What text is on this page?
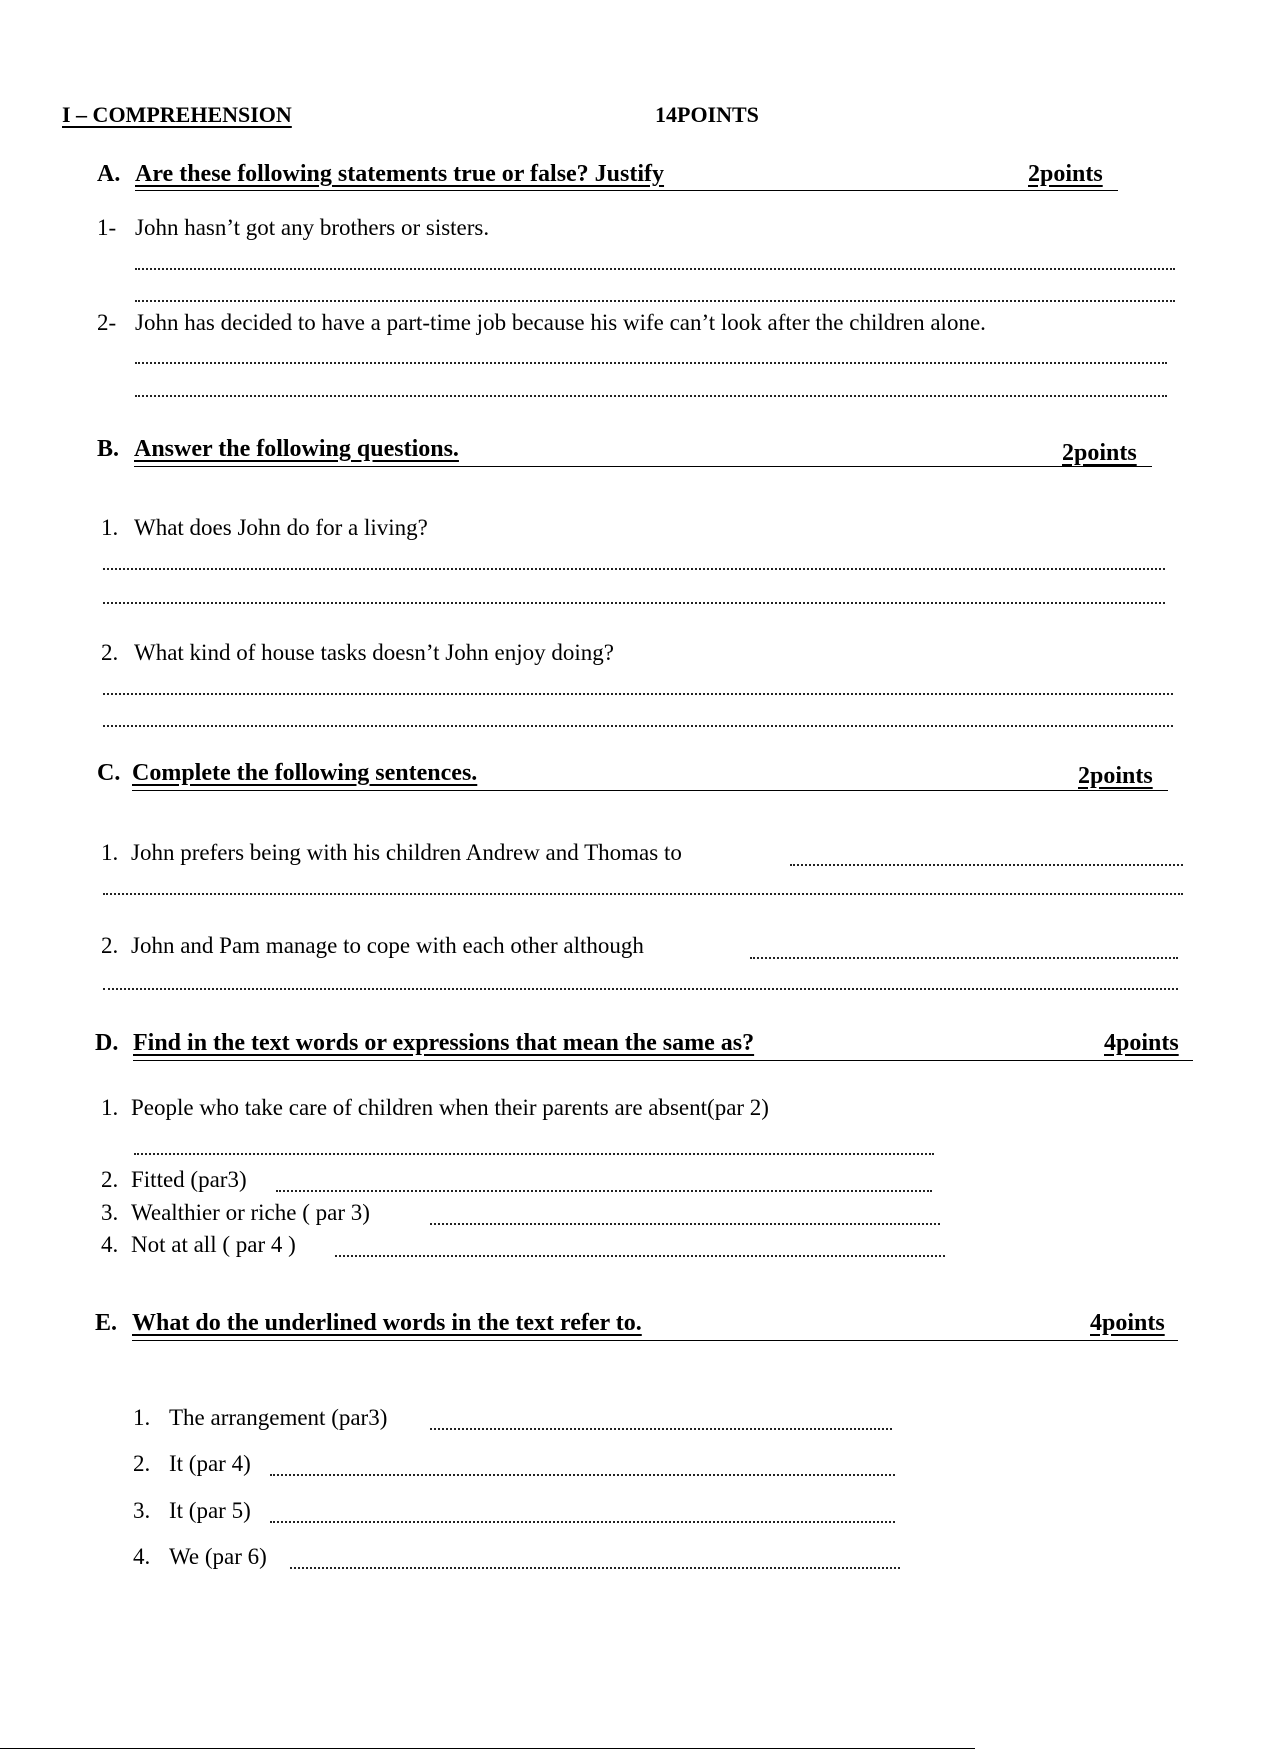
I – COMPREHENSION	14POINTS
A. Are these following statements true or false? Justify	2points
1- John hasn’t got any brothers or sisters.
2- John has decided to have a part-time job because his wife can’t look after the children alone.
B. Answer the following questions.	2points
1. What does John do for a living?
2. What kind of house tasks doesn’t John enjoy doing?
C. Complete the following sentences.	2points
1. John prefers being with his children Andrew and Thomas to
2. John and Pam manage to cope with each other although
D. Find in the text words or expressions that mean the same as?	4points
1. People who take care of children when their parents are absent(par 2)
2. Fitted (par3)
3. Wealthier or riche ( par 3)
4. Not at all ( par 4 )
E. What do the underlined words in the text refer to.	4points
1. The arrangement (par3)
2. It (par 4)
3. It (par 5)
4. We (par 6)
